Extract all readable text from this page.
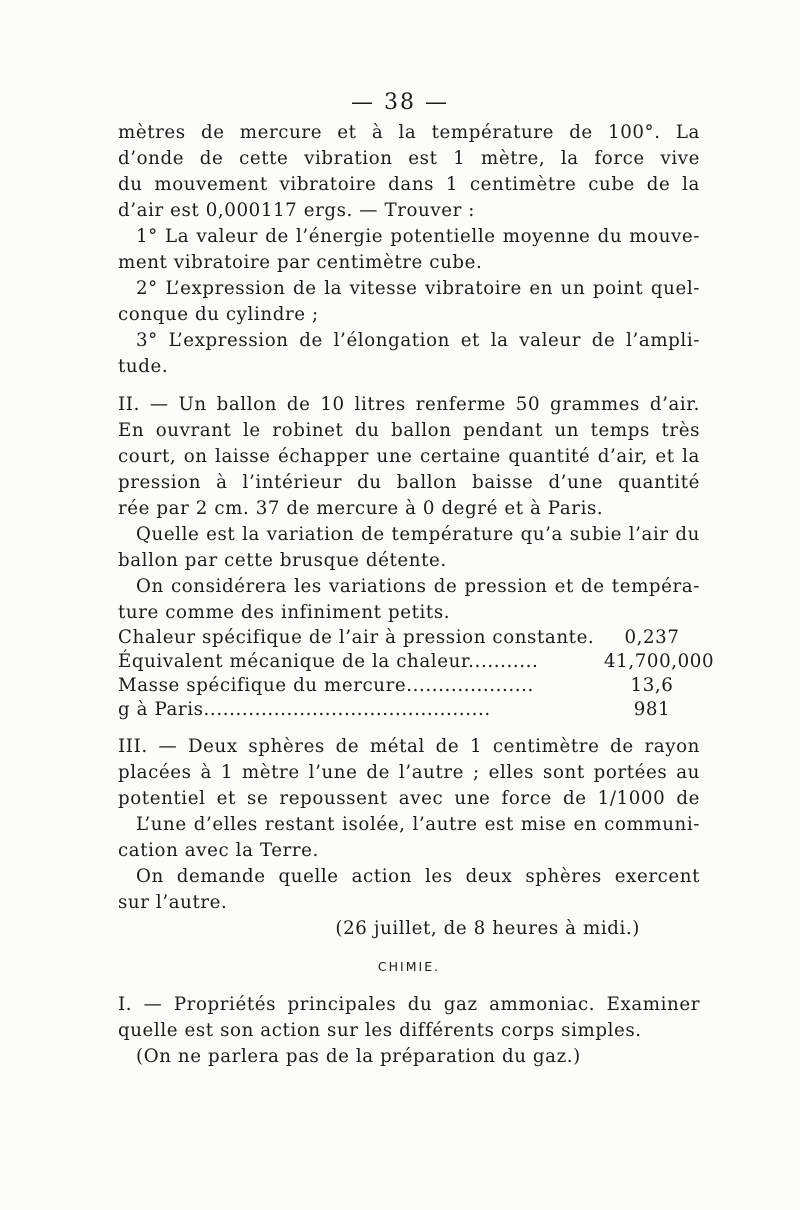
— 38 —
mètres de mercure et à la température de 100°. La
d’onde de cette vibration est 1 mètre, la force vive
du mouvement vibratoire dans 1 centimètre cube de la
d’air est 0,000117 ergs. — Trouver :
1° La valeur de l’énergie potentielle moyenne du mouve-
ment vibratoire par centimètre cube.
2° L’expression de la vitesse vibratoire en un point quel-
conque du cylindre ;
3° L’expression de l’élongation et la valeur de l’ampli-
tude.
II. — Un ballon de 10 litres renferme 50 grammes d’air.
En ouvrant le robinet du ballon pendant un temps très
court, on laisse échapper une certaine quantité d’air, et la
pression à l’intérieur du ballon baisse d’une quantité
rée par 2 cm. 37 de mercure à 0 degré et à Paris.
Quelle est la variation de température qu’a subie l’air du
ballon par cette brusque détente.
On considérera les variations de pression et de tempéra-
ture comme des infiniment petits.
Chaleur spécifique de l’air à pression constante.	0,237
Équivalent mécanique de la chaleur...........	41,700,000
Masse spécifique du mercure....................	13,6
g à Paris.............................................	981
III. — Deux sphères de métal de 1 centimètre de rayon
placées à 1 mètre l’une de l’autre ; elles sont portées au
potentiel et se repoussent avec une force de 1/1000 de
L’une d’elles restant isolée, l’autre est mise en communi-
cation avec la Terre.
On demande quelle action les deux sphères exercent
sur l’autre.
(26 juillet, de 8 heures à midi.)
CHIMIE.
I. — Propriétés principales du gaz ammoniac. Examiner
quelle est son action sur les différents corps simples.
(On ne parlera pas de la préparation du gaz.)
